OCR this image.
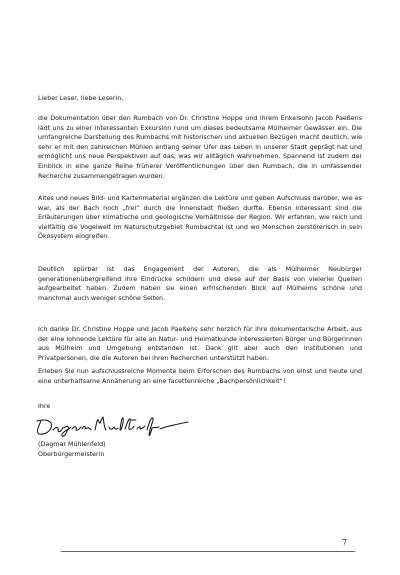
Lieber Leser, liebe Leserin,

die Dokumentation über den Rumbach von Dr. Christine Hoppe und ihrem Enkelsohn Jacob Paeßens lädt uns zu einer interessanten Exkursion rund um dieses bedeutsame Mülheimer Gewässer ein. Die umfangreiche Darstellung des Rumbachs mit historischen und aktuellen Bezügen macht deutlich, wie sehr er mit den zahlreichen Mühlen entlang seiner Ufer das Leben in unserer Stadt geprägt hat und ermöglicht uns neue Perspektiven auf das, was wir alltäglich wahrnehmen. Spannend ist zudem der Einblick in eine ganze Reihe früherer Veröffentlichungen über den Rumbach, die in umfassender Recherche zusammengetragen wurden.

Altes und neues Bild- und Kartenmaterial ergänzen die Lektüre und geben Aufschluss darüber, wie es war, als der Bach noch „frei“ durch die Innenstadt fließen durfte. Ebenso interessant sind die Erläuterungen über klimatische und geologische Verhältnisse der Region. Wir erfahren, wie reich und vielfältig die Vogelwelt im Naturschutzgebiet Rumbachtal ist und wo Menschen zerstörerisch in sein Ökosystem eingreifen.

Deutlich spürbar ist das Engagement der Autoren, die als Mülheimer Neubürger generationenübergreifend ihre Eindrücke schildern und diese auf der Basis von vielerlei Quellen aufgearbeitet haben. Zudem haben sie einen erfrischenden Blick auf Mülheims schöne und manchmal auch weniger schöne Seiten.

Ich danke Dr. Christine Hoppe und Jacob Paeßens sehr herzlich für ihre dokumentarische Arbeit, aus der eine lohnende Lektüre für alle an Natur- und Heimatkunde interessierten Bürger und Bürgerinnen aus Mülheim und Umgebung entstanden ist. Dank gilt aber auch den Institutionen und Privatpersonen, die die Autoren bei ihren Recherchen unterstützt haben.

Erleben Sie nun aufschlussreiche Momente beim Erforschen des Rumbachs von einst und heute und eine unterhaltsame Annäherung an eine facettenreiche „Bachpersönlichkeit“!

Ihre

(Dagmar Mühlenfeld)
Oberbürgermeisterin
7
